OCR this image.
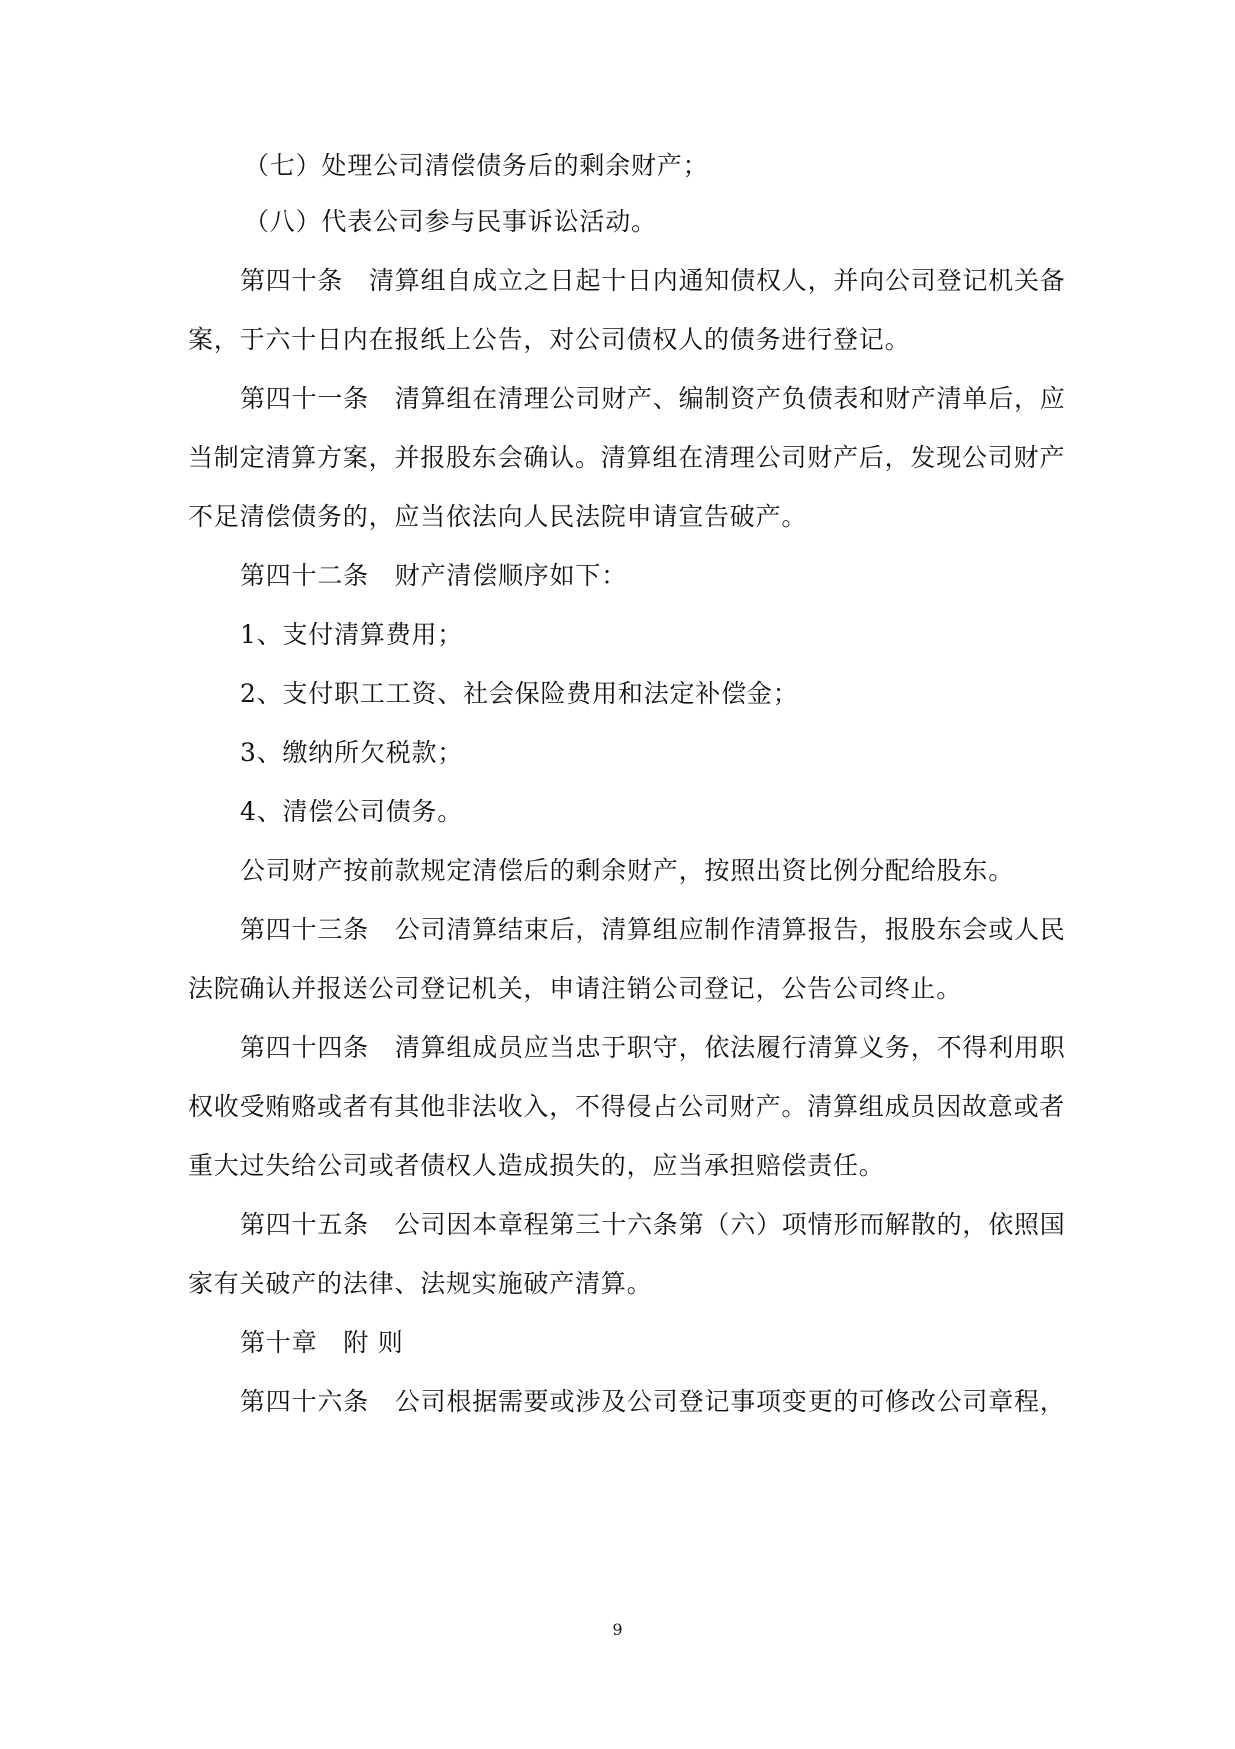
（七）处理公司清偿债务后的剩余财产；
（八）代表公司参与民事诉讼活动。
第四十条　清算组自成立之日起十日内通知债权人，并向公司登记机关备
案，于六十日内在报纸上公告，对公司债权人的债务进行登记。
第四十一条　清算组在清理公司财产、编制资产负债表和财产清单后，应
当制定清算方案，并报股东会确认。清算组在清理公司财产后，发现公司财产
不足清偿债务的，应当依法向人民法院申请宣告破产。
第四十二条　财产清偿顺序如下：
1、支付清算费用；
2、支付职工工资、社会保险费用和法定补偿金；
3、缴纳所欠税款；
4、清偿公司债务。
公司财产按前款规定清偿后的剩余财产，按照出资比例分配给股东。
第四十三条　公司清算结束后，清算组应制作清算报告，报股东会或人民
法院确认并报送公司登记机关，申请注销公司登记，公告公司终止。
第四十四条　清算组成员应当忠于职守，依法履行清算义务，不得利用职
权收受贿赂或者有其他非法收入，不得侵占公司财产。清算组成员因故意或者
重大过失给公司或者债权人造成损失的，应当承担赔偿责任。
第四十五条　公司因本章程第三十六条第（六）项情形而解散的，依照国
家有关破产的法律、法规实施破产清算。
第十章　附 则
第四十六条　公司根据需要或涉及公司登记事项变更的可修改公司章程，
9
